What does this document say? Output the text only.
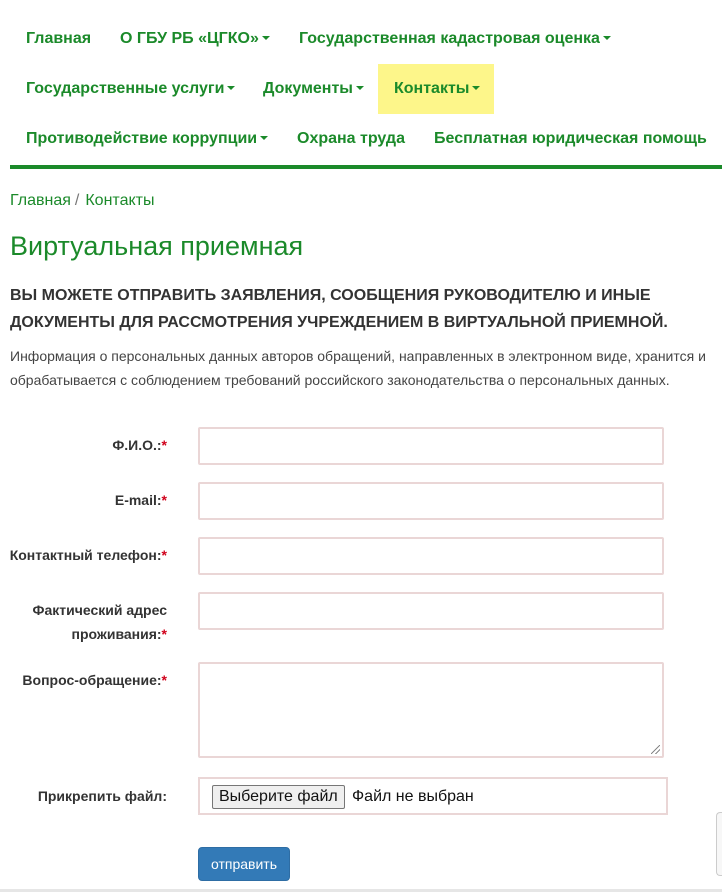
Главная О ГБУ РБ «ЦГКО»	Государственная кадастровая оценка
Государственные услуги	Документы	Контакты
Противодействие коррупции	Охрана труда Бесплатная юридическая помощь
Главная / Контакты
Виртуальная приемная
ВЫ МОЖЕТЕ ОТПРАВИТЬ ЗАЯВЛЕНИЯ, СООБЩЕНИЯ РУКОВОДИТЕЛЮ И ИНЫЕ ДОКУМЕНТЫ ДЛЯ РАССМОТРЕНИЯ УЧРЕЖДЕНИЕМ В ВИРТУАЛЬНОЙ ПРИЕМНОЙ.
Информация о персональных данных авторов обращений, направленных в электронном виде, хранится и обрабатывается с соблюдением требований российского законодательства о персональных данных.
Ф.И.О.:*
E-mail:*
Контактный телефон:*
Фактический адрес
проживания:*
Вопрос-обращение:*
Прикрепить файл:	Выберите файл Файл не выбран
отправить
